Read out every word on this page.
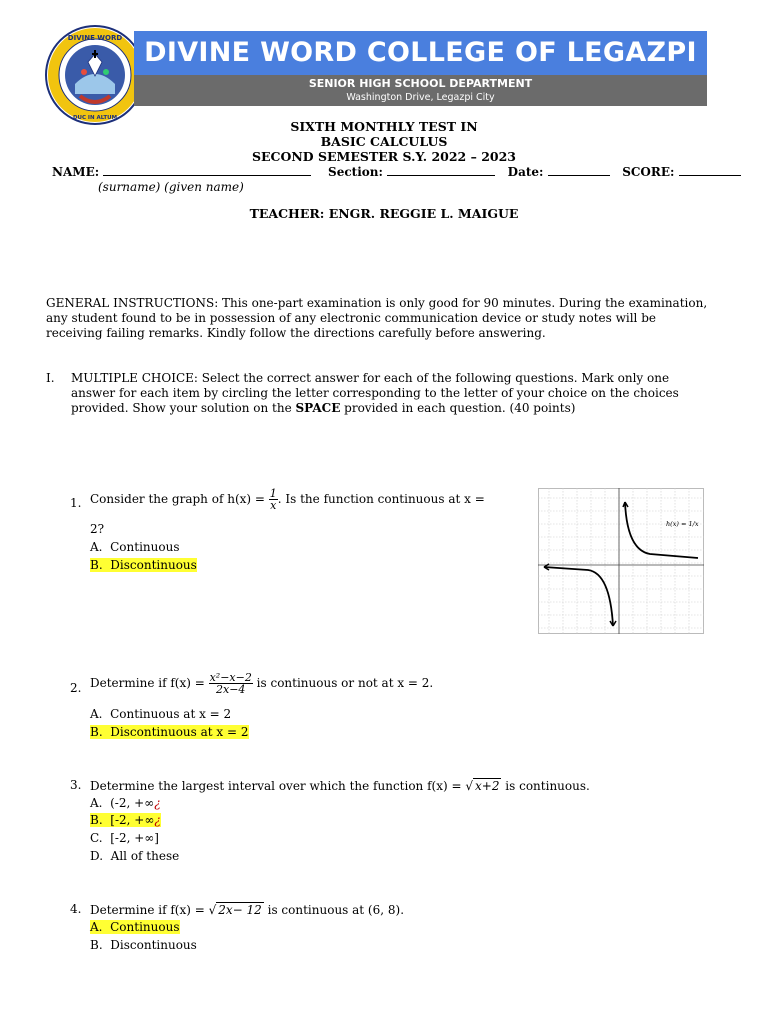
DIVINE WORD
DUC IN ALTUM
DIVINE WORD COLLEGE OF LEGAZPI
SENIOR HIGH SCHOOL DEPARTMENT
Washington Drive, Legazpi City
SIXTH MONTHLY TEST IN
BASIC CALCULUS
SECOND SEMESTER S.Y. 2022 – 2023
NAME:	Section:	Date:	SCORE:
(surname) (given name)
TEACHER: ENGR. REGGIE L. MAIGUE
GENERAL INSTRUCTIONS: This one-part examination is only good for 90 minutes. During the examination, any student found to be in possession of any electronic communication device or study notes will be receiving failing remarks. Kindly follow the directions carefully before answering.
I. MULTIPLE CHOICE: Select the correct answer for each of the following questions. Mark only one answer for each item by circling the letter corresponding to the letter of your choice on the choices provided. Show your solution on the SPACE provided in each question. (40 points)
1. Consider the graph of $h(x) = \frac{1}{x}$ . Is the function continuous at x =
2?
A. Continuous
B. Discontinuous
h(x) = 1/x
2. Determine if $f(x) = \frac{\text{x²−x−2}}{2x-4}$ is continuous or not at x = 2.
A. Continuous at x = 2
B. Discontinuous at x = 2
3. Determine the largest interval over which the function f(x) = √ x+2 is continuous.
A. (-2, +∞¿
B. [-2, +∞¿
C. [-2, +∞]
D. All of these
4. Determine if f(x) = √ 2x− 12 is continuous at (6, 8).
A. Continuous
B. Discontinuous
